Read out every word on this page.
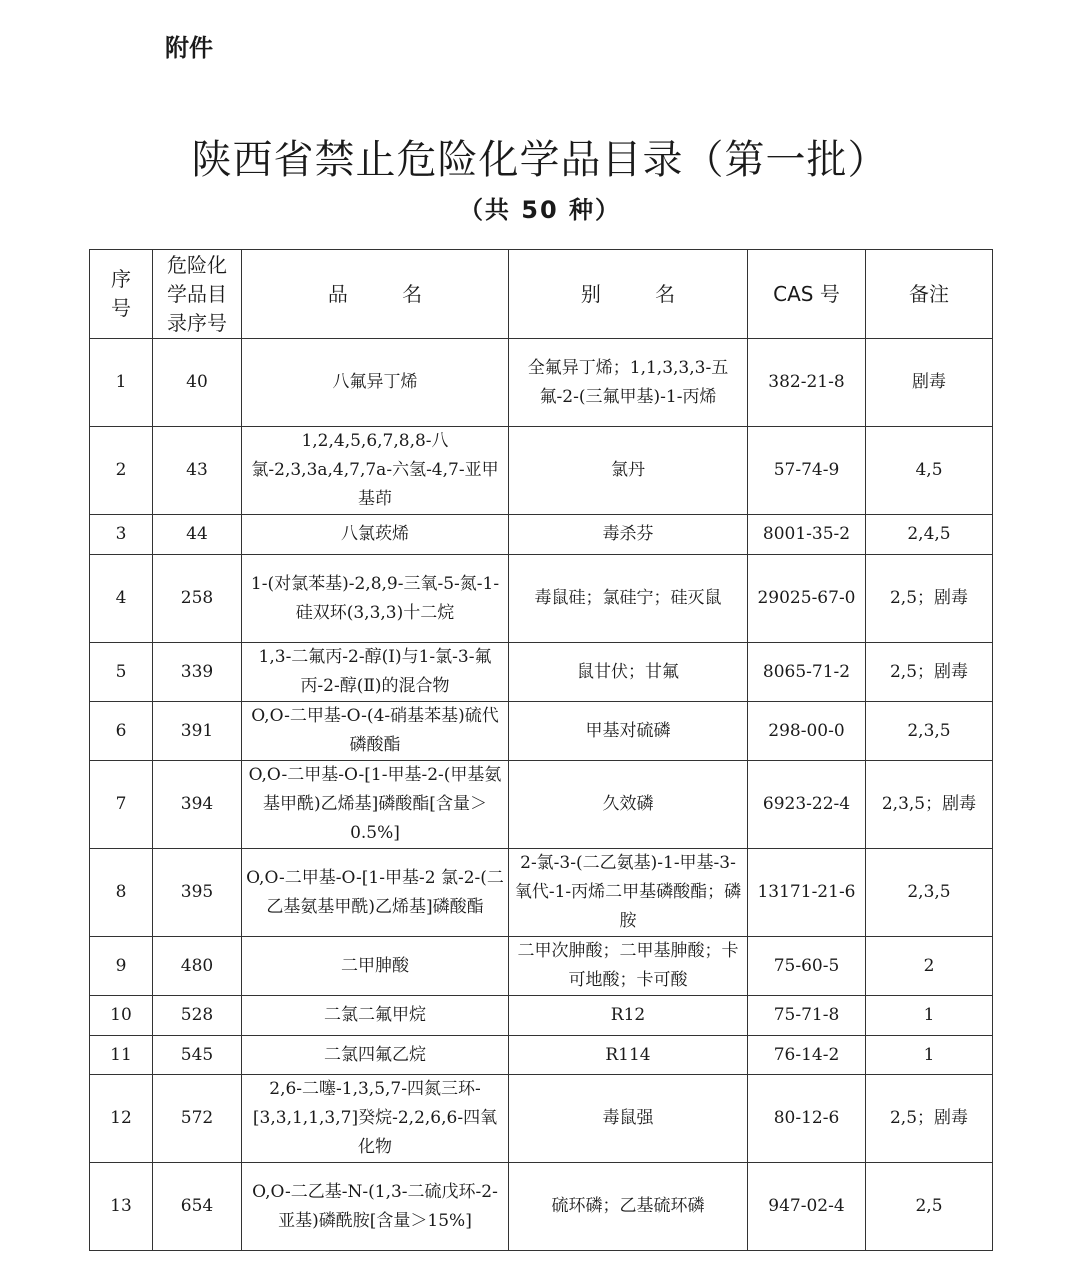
附件
陕西省禁止危险化学品目录（第一批）
（共 50 种）
序号	危险化学品目录序号	品 名	别 名	CAS 号	备注
1	40	八氟异丁烯	全氟异丁烯；1,1,3,3,3-五氟-2-(三氟甲基)-1-丙烯	382-21-8	剧毒
2	43	1,2,4,5,6,7,8,8-八氯-2,3,3a,4,7,7a-六氢-4,7-亚甲基茚	氯丹	57-74-9	4,5
3	44	八氯莰烯	毒杀芬	8001-35-2	2,4,5
4	258	1-(对氯苯基)-2,8,9-三氧-5-氮-1-硅双环(3,3,3)十二烷	毒鼠硅；氯硅宁；硅灭鼠	29025-67-0	2,5；剧毒
5	339	1,3-二氟丙-2-醇(Ⅰ)与1-氯-3-氟丙-2-醇(Ⅱ)的混合物	鼠甘伏；甘氟	8065-71-2	2,5；剧毒
6	391	O,O-二甲基-O-(4-硝基苯基)硫代磷酸酯	甲基对硫磷	298-00-0	2,3,5
7	394	O,O-二甲基-O-[1-甲基-2-(甲基氨基甲酰)乙烯基]磷酸酯[含量＞0.5%]	久效磷	6923-22-4	2,3,5；剧毒
8	395	O,O-二甲基-O-[1-甲基-2 氯-2-(二乙基氨基甲酰)乙烯基]磷酸酯	2-氯-3-(二乙氨基)-1-甲基-3-氧代-1-丙烯二甲基磷酸酯；磷胺	13171-21-6	2,3,5
9	480	二甲胂酸	二甲次胂酸；二甲基胂酸；卡可地酸；卡可酸	75-60-5	2
10	528	二氯二氟甲烷	R12	75-71-8	1
11	545	二氯四氟乙烷	R114	76-14-2	1
12	572	2,6-二噻-1,3,5,7-四氮三环-[3,3,1,1,3,7]癸烷-2,2,6,6-四氧化物	毒鼠强	80-12-6	2,5；剧毒
13	654	O,O-二乙基-N-(1,3-二硫戊环-2-亚基)磷酰胺[含量＞15%]	硫环磷；乙基硫环磷	947-02-4	2,5
